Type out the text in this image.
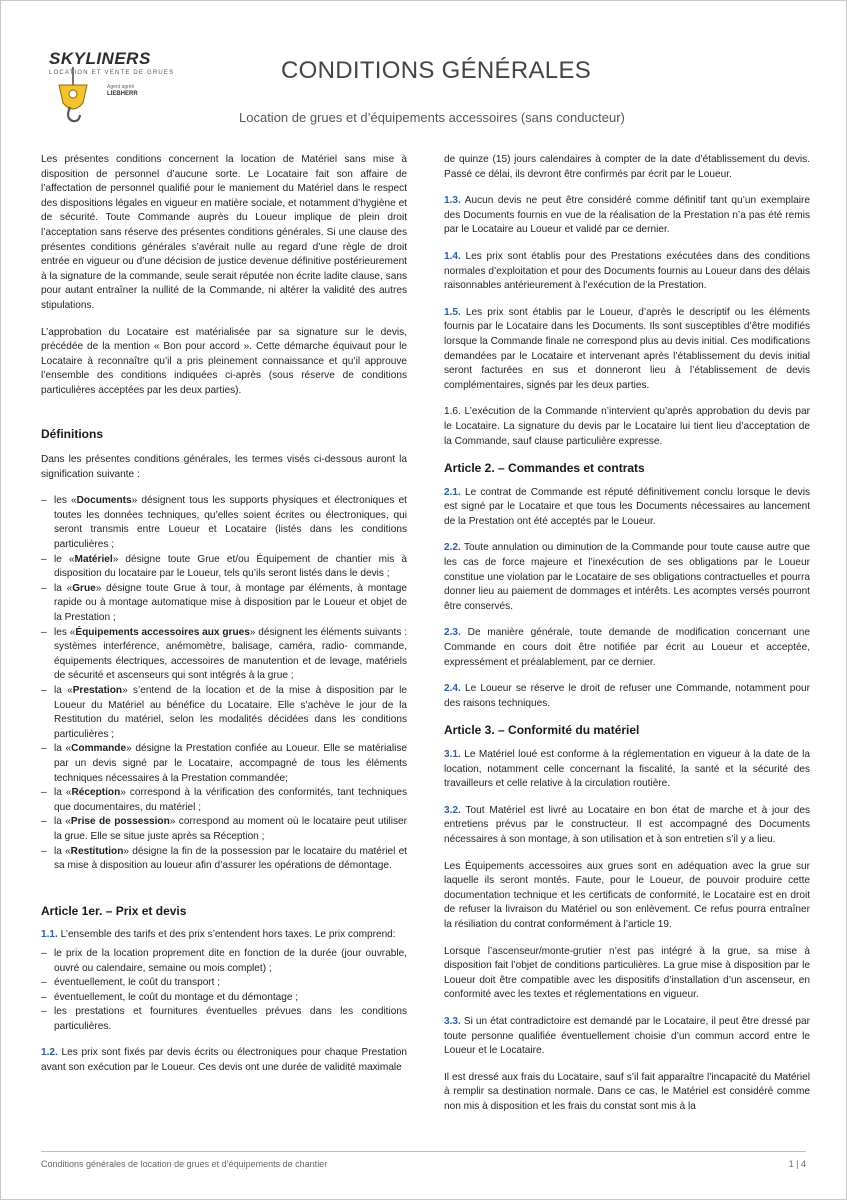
SKYLINERS
LOCATION ET VENTE DE GRUES
Agent agréé
LIEBHERR
CONDITIONS GÉNÉRALES
Location de grues et d’équipements accessoires (sans conducteur)

Les présentes conditions concernent la location de Matériel sans mise à disposition de personnel d’aucune sorte. Le Locataire fait son affaire de l’affectation de personnel qualifié pour le maniement du Matériel dans le respect des dispositions légales en vigueur en matière sociale, et notamment d’hygiène et de sécurité. Toute Commande auprès du Loueur implique de plein droit l’acceptation sans réserve des présentes conditions générales. Si une clause des présentes conditions générales s’avérait nulle au regard d’une règle de droit entrée en vigueur ou d’une décision de justice devenue définitive postérieurement à la signature de la commande, seule serait réputée non écrite ladite clause, sans pour autant entraîner la nullité de la Commande, ni altérer la validité des autres stipulations.

L’approbation du Locataire est matérialisée par sa signature sur le devis, précédée de la mention « Bon pour accord ». Cette démarche équivaut pour le Locataire à reconnaître qu’il a pris pleinement connaissance et qu’il approuve l’ensemble des conditions indiquées ci-après (sous réserve de conditions particulières acceptées par les deux parties).

Définitions

Dans les présentes conditions générales, les termes visés ci-dessous auront la signification suivante :

– les «Documents» désignent tous les supports physiques et électroniques et toutes les données techniques, qu’elles soient écrites ou électroniques, qui seront transmis entre Loueur et Locataire (listés dans les conditions particulières ;
– le «Matériel» désigne toute Grue et/ou Équipement de chantier mis à disposition du locataire par le Loueur, tels qu’ils seront listés dans le devis ;
– la «Grue» désigne toute Grue à tour, à montage par éléments, à montage rapide ou à montage automatique mise à disposition par le Loueur et objet de la Prestation ;
– les «Équipements accessoires aux grues» désignent les éléments suivants : systèmes interférence, anémomètre, balisage, caméra, radio- commande, équipements électriques, accessoires de manutention et de levage, matériels de sécurité et ascenseurs qui sont intégrés à la grue ;
– la «Prestation» s’entend de la location et de la mise à disposition par le Loueur du Matériel au bénéfice du Locataire. Elle s’achève le jour de la Restitution du matériel, selon les modalités décidées dans les conditions particulières ;
– la «Commande» désigne la Prestation confiée au Loueur. Elle se matérialise par un devis signé par le Locataire, accompagné de tous les éléments techniques nécessaires à la Prestation commandée;
– la «Réception» correspond à la vérification des conformités, tant techniques que documentaires, du matériel ;
– la «Prise de possession» correspond au moment où le locataire peut utiliser la grue. Elle se situe juste après sa Réception ;
– la «Restitution» désigne la fin de la possession par le locataire du matériel et sa mise à disposition au loueur afin d’assurer les opérations de démontage.
Article 1er. – Prix et devis

1.1. L’ensemble des tarifs et des prix s’entendent hors taxes. Le prix comprend:

– le prix de la location proprement dite en fonction de la durée (jour ouvrable, ouvré ou calendaire, semaine ou mois complet) ;
– éventuellement, le coût du transport ;
– éventuellement, le coût du montage et du démontage ;
– les prestations et fournitures éventuelles prévues dans les conditions particulières.

1.2. Les prix sont fixés par devis écrits ou électroniques pour chaque Prestation avant son exécution par le Loueur. Ces devis ont une durée de validité maximale

de quinze (15) jours calendaires à compter de la date d’établissement du devis. Passé ce délai, ils devront être confirmés par écrit par le Loueur.

1.3. Aucun devis ne peut être considéré comme définitif tant qu’un exemplaire des Documents fournis en vue de la réalisation de la Prestation n’a pas été remis par le Locataire au Loueur et validé par ce dernier.

1.4. Les prix sont établis pour des Prestations exécutées dans des conditions normales d’exploitation et pour des Documents fournis au Loueur dans des délais raisonnables antérieurement à l’exécution de la Prestation.

1.5. Les prix sont établis par le Loueur, d’après le descriptif ou les éléments fournis par le Locataire dans les Documents. Ils sont susceptibles d’être modifiés lorsque la Commande finale ne correspond plus au devis initial. Ces modifications demandées par le Locataire et intervenant après l’établissement du devis initial seront facturées en sus et donneront lieu à l’établissement de devis complémentaires, signés par les deux parties.

1.6. L’exécution de la Commande n’intervient qu’après approbation du devis par le Locataire. La signature du devis par le Locataire lui tient lieu d’acceptation de la Commande, sauf clause particulière expresse.

Article 2. – Commandes et contrats

2.1. Le contrat de Commande est réputé définitivement conclu lorsque le devis est signé par le Locataire et que tous les Documents nécessaires au lancement de la Prestation ont été acceptés par le Loueur.

2.2. Toute annulation ou diminution de la Commande pour toute cause autre que les cas de force majeure et l’inexécution de ses obligations par le Loueur constitue une violation par le Locataire de ses obligations contractuelles et pourra donner lieu au paiement de dommages et intérêts. Les acomptes versés pourront être conservés.

2.3. De manière générale, toute demande de modification concernant une Commande en cours doit être notifiée par écrit au Loueur et acceptée, expressément et préalablement, par ce dernier.

2.4. Le Loueur se réserve le droit de refuser une Commande, notamment pour des raisons techniques.

Article 3. – Conformité du matériel

3.1. Le Matériel loué est conforme à la réglementation en vigueur à la date de la location, notamment celle concernant la fiscalité, la santé et la sécurité des travailleurs et celle relative à la circulation routière.

3.2. Tout Matériel est livré au Locataire en bon état de marche et à jour des entretiens prévus par le constructeur. Il est accompagné des Documents nécessaires à son montage, à son utilisation et à son entretien s’il y a lieu.

Les Équipements accessoires aux grues sont en adéquation avec la grue sur laquelle ils seront montés. Faute, pour le Loueur, de pouvoir produire cette documentation technique et les certificats de conformité, le Locataire est en droit de refuser la livraison du Matériel ou son enlèvement. Ce refus pourra entraîner la résiliation du contrat conformément à l’article 19.

Lorsque l’ascenseur/monte-grutier n’est pas intégré à la grue, sa mise à disposition fait l’objet de conditions particulières. La grue mise à disposition par le Loueur doit être compatible avec les dispositifs d’installation d’un ascenseur, en conformité avec les textes et réglementations en vigueur.

3.3. Si un état contradictoire est demandé par le Locataire, il peut être dressé par toute personne qualifiée éventuellement choisie d’un commun accord entre le Loueur et le Locataire.

Il est dressé aux frais du Locataire, sauf s’il fait apparaître l’incapacité du Matériel à remplir sa destination normale. Dans ce cas, le Matériel est considéré comme non mis à disposition et les frais du constat sont mis à la

Conditions générales de location de grues et d’équipements de chantier	1 | 4
